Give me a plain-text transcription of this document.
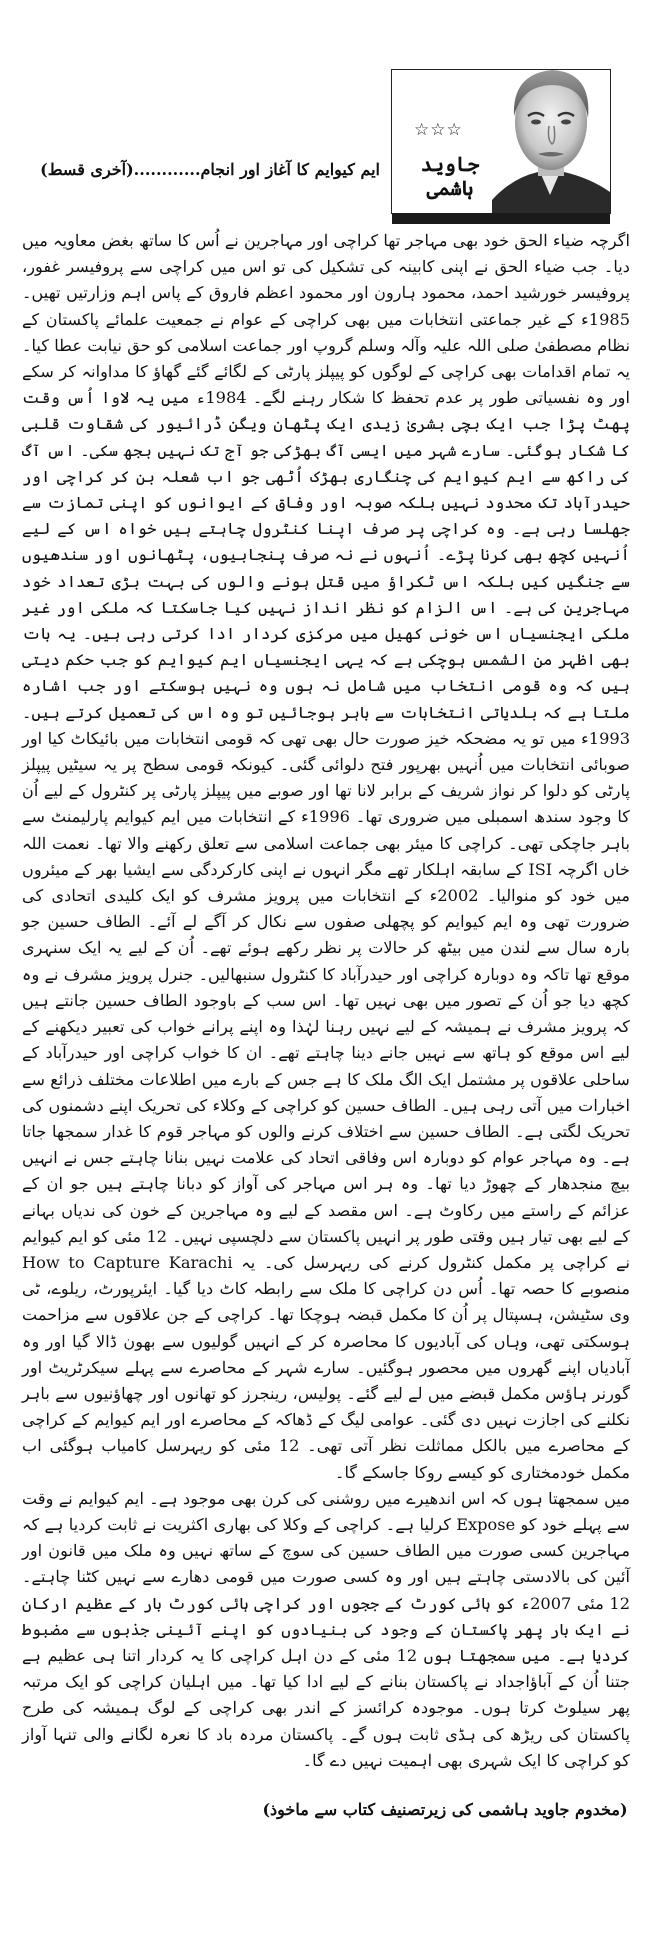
☆☆☆
جاوید ہاشمی
ایم کیوایم کا آغاز اور انجام............(آخری قسط)

اگرچہ ضیاء الحق خود بھی مہاجر تھا کراچی اور مہاجرین نے اُس کا ساتھ بغض معاویہ میں دیا۔ جب ضیاء الحق نے اپنی کابینہ کی تشکیل کی تو اس میں کراچی سے پروفیسر غفور، پروفیسر خورشید احمد، محمود ہارون اور محمود اعظم فاروق کے پاس اہم وزارتیں تھیں۔ 1985ء کے غیر جماعتی انتخابات میں بھی کراچی کے عوام نے جمعیت علمائے پاکستان کے نظام مصطفیٰ صلی اللہ علیہ وآلہ وسلم گروپ اور جماعت اسلامی کو حق نیابت عطا کیا۔ یہ تمام اقدامات بھی کراچی کے لوگوں کو پیپلز پارٹی کے لگائے گئے گھاؤ کا مداوانہ کر سکے اور وہ نفسیاتی طور پر عدم تحفظ کا شکار رہنے لگے۔ 1984ء میں یہ لاوا اُس وقت پھٹ پڑا جب ایک بچی بشریٰ زیدی ایک پٹھان ویگن ڈرائیور کی شقاوت قلبی کا شکار ہوگئی۔ سارے شہر میں ایسی آگ بھڑکی جو آج تک نہیں بجھ سکی۔ اس آگ کی راکھ سے ایم کیوایم کی چنگاری بھڑک اُٹھی جو اب شعلہ بن کر کراچی اور حیدرآباد تک محدود نہیں بلکہ صوبہ اور وفاق کے ایوانوں کو اپنی تمازت سے جھلسا رہی ہے۔ وہ کراچی پر صرف اپنا کنٹرول چاہتے ہیں خواہ اس کے لیے اُنہیں کچھ بھی کرنا پڑے۔ اُنہوں نے نہ صرف پنجابیوں، پٹھانوں اور سندھیوں سے جنگیں کیں بلکہ اس ٹکراؤ میں قتل ہونے والوں کی بہت بڑی تعداد خود مہاجرین کی ہے۔ اس الزام کو نظر انداز نہیں کیا جاسکتا کہ ملکی اور غیر ملکی ایجنسیاں اس خونی کھیل میں مرکزی کردار ادا کرتی رہی ہیں۔ یہ بات بھی اظہر من الشمس ہوچکی ہے کہ یہی ایجنسیاں ایم کیوایم کو جب حکم دیتی ہیں کہ وہ قومی انتخاب میں شامل نہ ہوں وہ نہیں ہوسکتے اور جب اشارہ ملتا ہے کہ بلدیاتی انتخابات سے باہر ہوجائیں تو وہ اس کی تعمیل کرتے ہیں۔ 1993ء میں تو یہ مضحکہ خیز صورت حال بھی تھی کہ قومی انتخابات میں بائیکاٹ کیا اور صوبائی انتخابات میں اُنہیں بھرپور فتح دلوائی گئی۔ کیونکہ قومی سطح پر یہ سیٹیں پیپلز پارٹی کو دلوا کر نواز شریف کے برابر لانا تھا اور صوبے میں پیپلز پارٹی پر کنٹرول کے لیے اُن کا وجود سندھ اسمبلی میں ضروری تھا۔ 1996ء کے انتخابات میں ایم کیوایم پارلیمنٹ سے باہر جاچکی تھی۔ کراچی کا میئر بھی جماعت اسلامی سے تعلق رکھنے والا تھا۔ نعمت اللہ خاں اگرچہ ISI کے سابقہ اہلکار تھے مگر انہوں نے اپنی کارکردگی سے ایشیا بھر کے میئروں میں خود کو منوالیا۔ 2002ء کے انتخابات میں پرویز مشرف کو ایک کلیدی اتحادی کی ضرورت تھی وہ ایم کیوایم کو پچھلی صفوں سے نکال کر آگے لے آئے۔ الطاف حسین جو بارہ سال سے لندن میں بیٹھ کر حالات پر نظر رکھے ہوئے تھے۔ اُن کے لیے یہ ایک سنہری موقع تھا تاکہ وہ دوبارہ کراچی اور حیدرآباد کا کنٹرول سنبھالیں۔ جنرل پرویز مشرف نے وہ کچھ دیا جو اُن کے تصور میں بھی نہیں تھا۔ اس سب کے باوجود الطاف حسین جانتے ہیں کہ پرویز مشرف نے ہمیشہ کے لیے نہیں رہنا لہٰذا وہ اپنے پرانے خواب کی تعبیر دیکھنے کے لیے اس موقع کو ہاتھ سے نہیں جانے دینا چاہتے تھے۔ ان کا خواب کراچی اور حیدرآباد کے ساحلی علاقوں پر مشتمل ایک الگ ملک کا ہے جس کے بارے میں اطلاعات مختلف ذرائع سے اخبارات میں آتی رہی ہیں۔ الطاف حسین کو کراچی کے وکلاء کی تحریک اپنے دشمنوں کی تحریک لگتی ہے۔ الطاف حسین سے اختلاف کرنے والوں کو مہاجر قوم کا غدار سمجھا جاتا ہے۔ وہ مہاجر عوام کو دوبارہ اس وفاقی اتحاد کی علامت نہیں بنانا چاہتے جس نے انہیں بیچ منجدھار کے چھوڑ دیا تھا۔ وہ ہر اس مہاجر کی آواز کو دبانا چاہتے ہیں جو ان کے عزائم کے راستے میں رکاوٹ ہے۔ اس مقصد کے لیے وہ مہاجرین کے خون کی ندیاں بہانے کے لیے بھی تیار ہیں وقتی طور پر انہیں پاکستان سے دلچسپی نہیں۔ 12 مئی کو ایم کیوایم نے کراچی پر مکمل کنٹرول کرنے کی ریہرسل کی۔ یہ How to Capture Karachi منصوبے کا حصہ تھا۔ اُس دن کراچی کا ملک سے رابطہ کاٹ دیا گیا۔ ایئرپورٹ، ریلوے، ٹی وی سٹیشن، ہسپتال پر اُن کا مکمل قبضہ ہوچکا تھا۔ کراچی کے جن علاقوں سے مزاحمت ہوسکتی تھی، وہاں کی آبادیوں کا محاصرہ کر کے انہیں گولیوں سے بھون ڈالا گیا اور وہ آبادیاں اپنے گھروں میں محصور ہوگئیں۔ سارے شہر کے محاصرے سے پہلے سیکرٹریٹ اور گورنر ہاؤس مکمل قبضے میں لے لیے گئے۔ پولیس، رینجرز کو تھانوں اور چھاؤنیوں سے باہر نکلنے کی اجازت نہیں دی گئی۔ عوامی لیگ کے ڈھاکہ کے محاصرے اور ایم کیوایم کے کراچی کے محاصرے میں بالکل مماثلت نظر آتی تھی۔ 12 مئی کو ریہرسل کامیاب ہوگئی اب مکمل خودمختاری کو کیسے روکا جاسکے گا۔

میں سمجھتا ہوں کہ اس اندھیرے میں روشنی کی کرن بھی موجود ہے۔ ایم کیوایم نے وقت سے پہلے خود کو Expose کرلیا ہے۔ کراچی کے وکلا کی بھاری اکثریت نے ثابت کردیا ہے کہ مہاجرین کسی صورت میں الطاف حسین کی سوچ کے ساتھ نہیں وہ ملک میں قانون اور آئین کی بالادستی چاہتے ہیں اور وہ کسی صورت میں قومی دھارے سے نہیں کٹنا چاہتے۔ 12 مئی 2007ء کو ہائی کورٹ کے ججوں اور کراچی ہائی کورٹ بار کے عظیم ارکان نے ایک بار پھر پاکستان کے وجود کی بنیادوں کو اپنے آئینی جذبوں سے مضبوط کردیا ہے۔ میں سمجھتا ہوں 12 مئی کے دن اہل کراچی کا یہ کردار اتنا ہی عظیم ہے جتنا اُن کے آباؤاجداد نے پاکستان بنانے کے لیے ادا کیا تھا۔ میں اہلیان کراچی کو ایک مرتبہ پھر سیلوٹ کرتا ہوں۔ موجودہ کرائسز کے اندر بھی کراچی کے لوگ ہمیشہ کی طرح پاکستان کی ریڑھ کی ہڈی ثابت ہوں گے۔ پاکستان مردہ باد کا نعرہ لگانے والی تنہا آواز کو کراچی کا ایک شہری بھی اہمیت نہیں دے گا۔

(مخدوم جاوید ہاشمی کی زیرتصنیف کتاب سے ماخوذ)
